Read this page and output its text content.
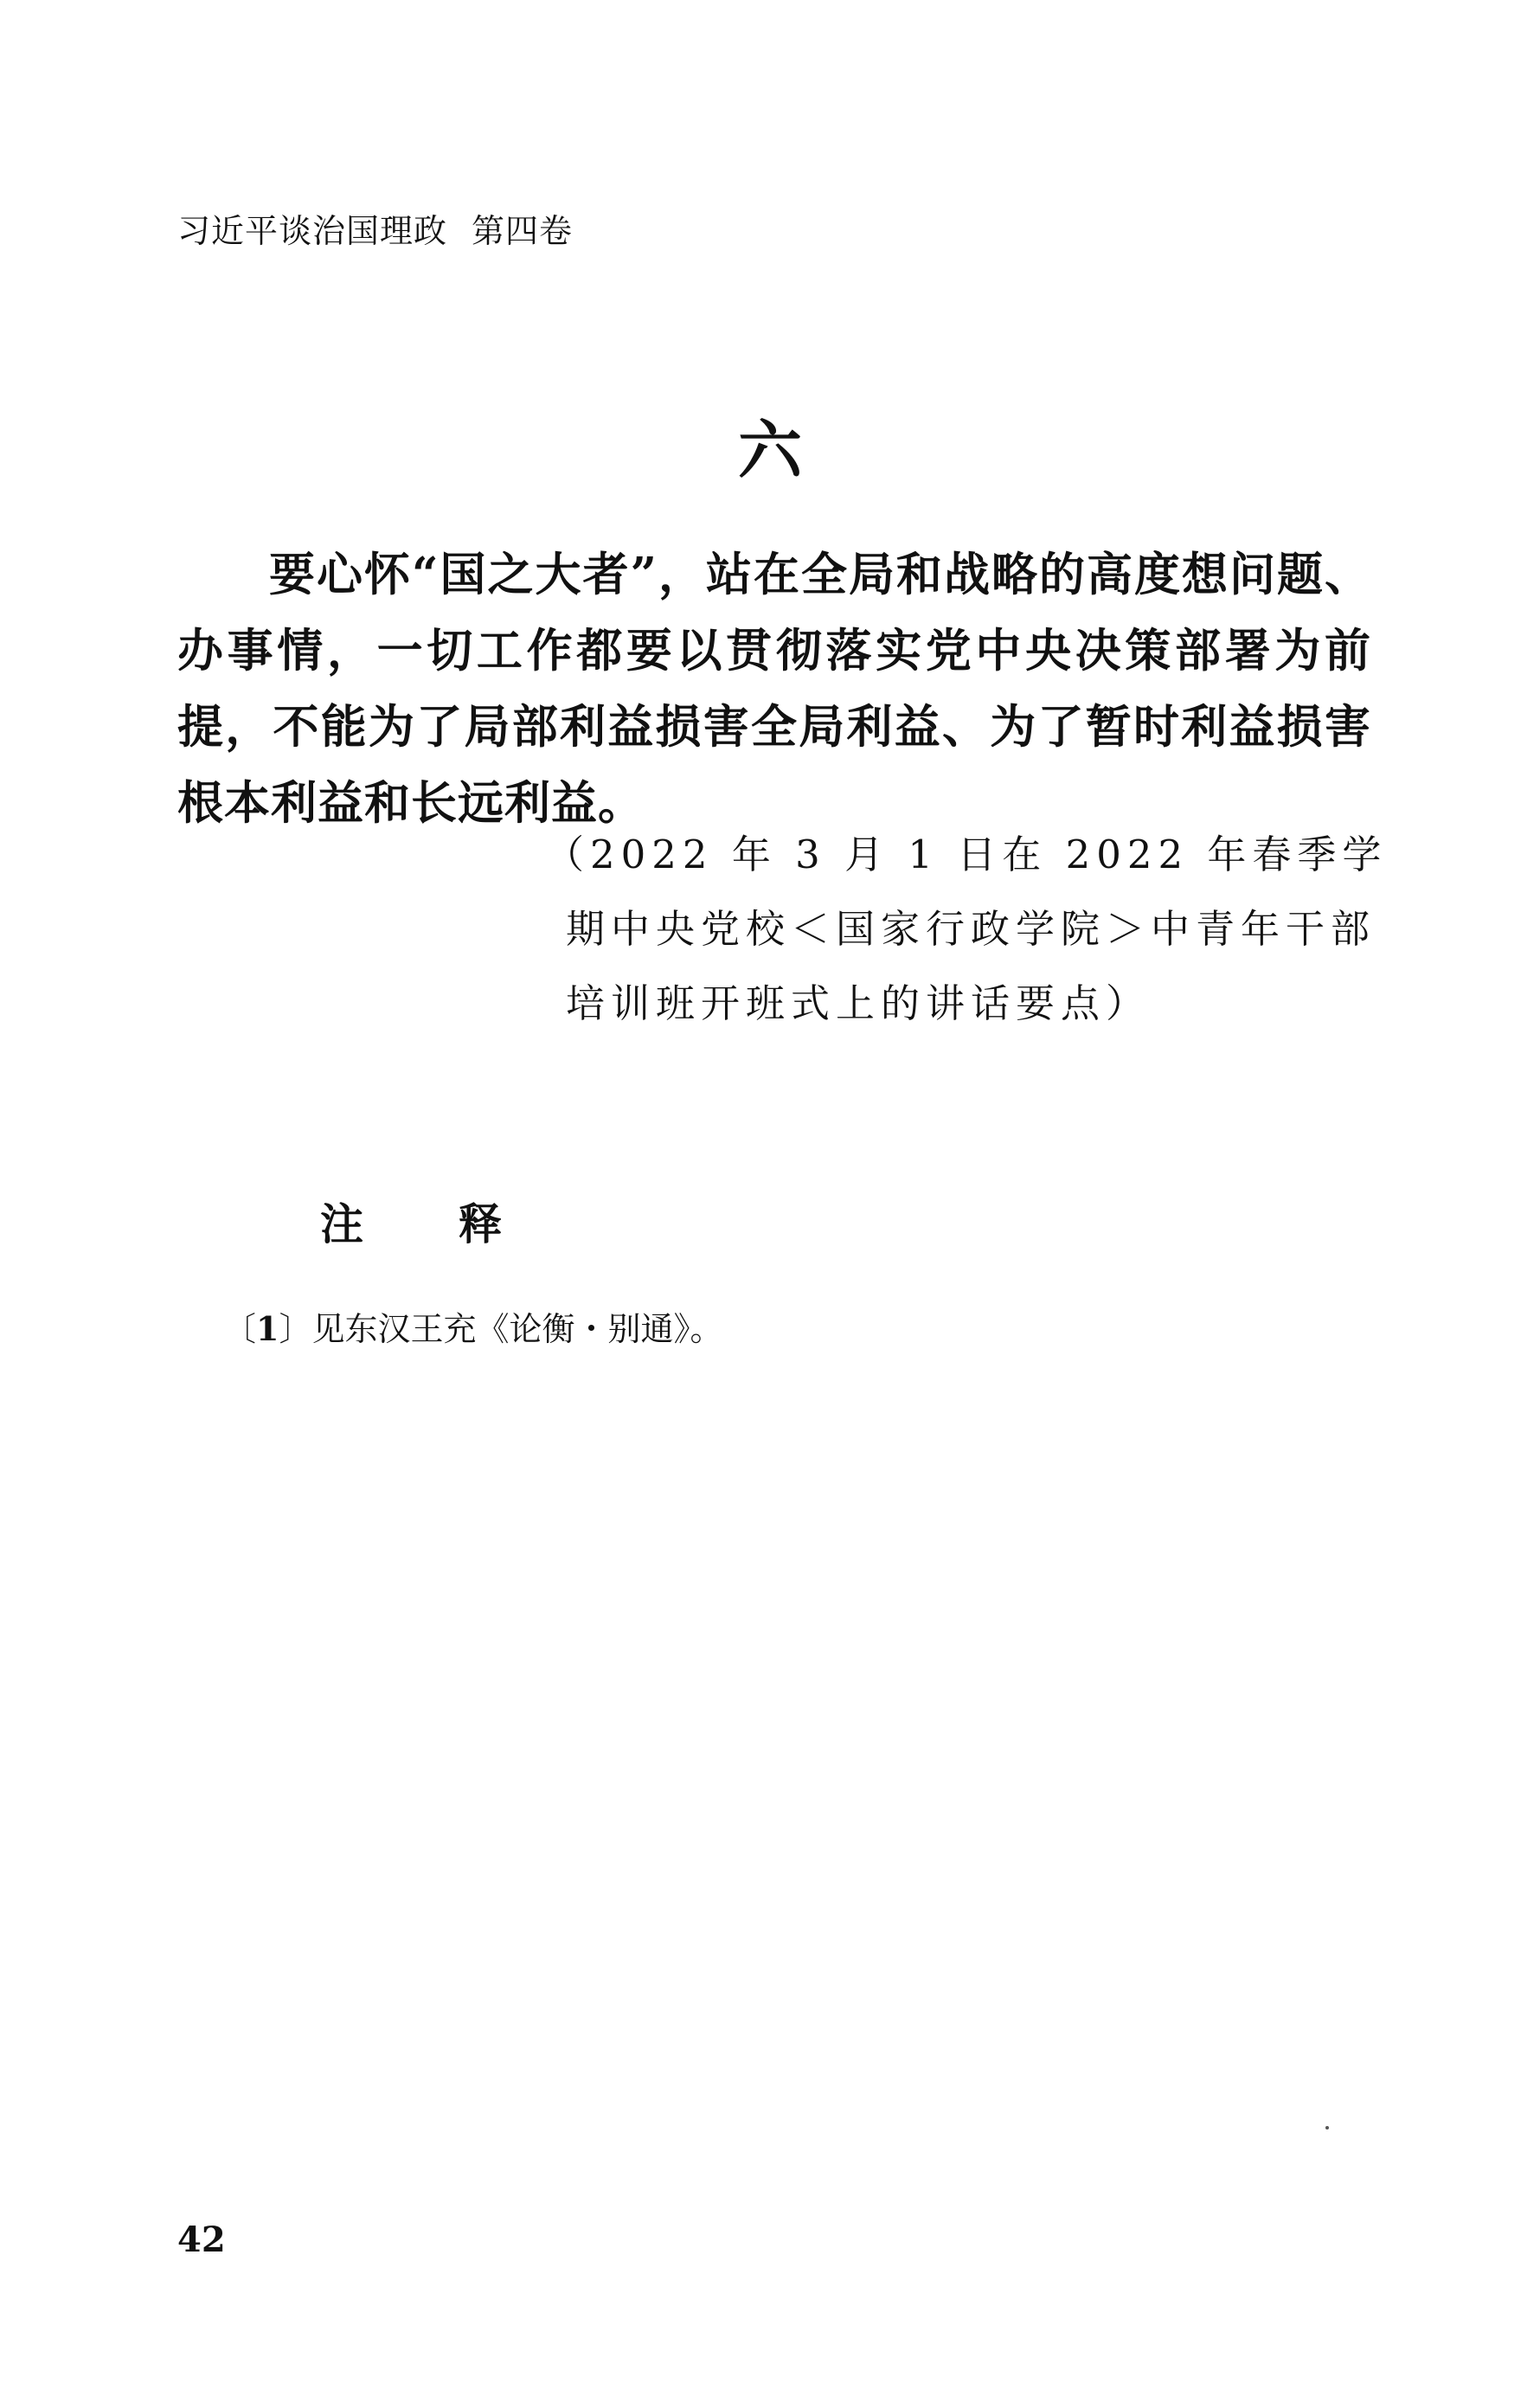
习近平谈治国理政 第四卷
六
要心怀“国之大者”，站在全局和战略的高度想问题、办事情，一切工作都要以贯彻落实党中央决策部署为前提，不能为了局部利益损害全局利益、为了暂时利益损害根本利益和长远利益。
（2022 年 3 月 1 日在 2022 年春季学期中央党校＜国家行政学院＞中青年干部培训班开班式上的讲话要点）
注 释
〔1〕见东汉王充《论衡・别通》。
42
